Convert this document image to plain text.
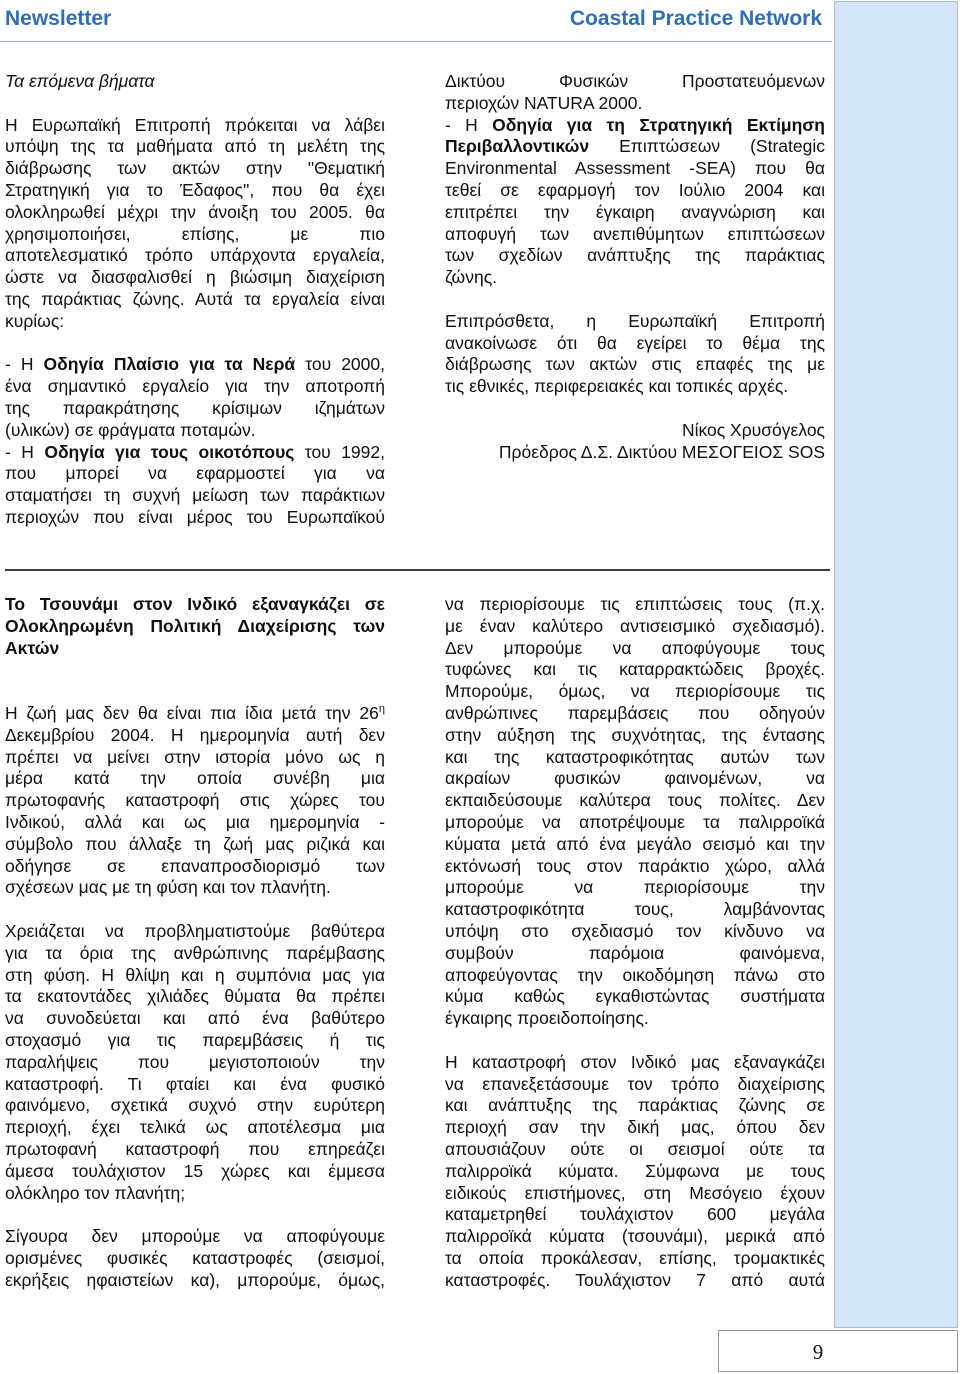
Newsletter	Coastal Practice Network
9
Τα επόμενα βήματα
Η Ευρωπαϊκή Επιτροπή πρόκειται να λάβει
υπόψη της τα μαθήματα από τη μελέτη της
διάβρωσης των ακτών στην "Θεματική
Στρατηγική για το Έδαφος", που θα έχει
ολοκληρωθεί μέχρι την άνοιξη του 2005. θα
χρησιμοποιήσει, επίσης, με πιο
αποτελεσματικό τρόπο υπάρχοντα εργαλεία,
ώστε να διασφαλισθεί η βιώσιμη διαχείριση
της παράκτιας ζώνης. Αυτά τα εργαλεία είναι
κυρίως:
- Η Οδηγία Πλαίσιο για τα Νερά του 2000,
ένα σημαντικό εργαλείο για την αποτροπή
της παρακράτησης κρίσιμων ιζημάτων
(υλικών) σε φράγματα ποταμών.
- Η Οδηγία για τους οικοτόπους του 1992,
που μπορεί να εφαρμοστεί για να
σταματήσει τη συχνή μείωση των παράκτιων
περιοχών που είναι μέρος του Ευρωπαϊκού
Δικτύου Φυσικών Προστατευόμενων
περιοχών NATURA 2000.
- Η Οδηγία για τη Στρατηγική Εκτίμηση
Περιβαλλοντικών Επιπτώσεων (Strategic
Environmental Assessment -SEA) που θα
τεθεί σε εφαρμογή τον Ιούλιο 2004 και
επιτρέπει την έγκαιρη αναγνώριση και
αποφυγή των ανεπιθύμητων επιπτώσεων
των σχεδίων ανάπτυξης της παράκτιας
ζώνης.
Επιπρόσθετα, η Ευρωπαϊκή Επιτροπή
ανακοίνωσε ότι θα εγείρει το θέμα της
διάβρωσης των ακτών στις επαφές της με
τις εθνικές, περιφερειακές και τοπικές αρχές.
Νίκος Χρυσόγελος
Πρόεδρος Δ.Σ. Δικτύου ΜΕΣΟΓΕΙΟΣ SOS
Το Τσουνάμι στον Ινδικό εξαναγκάζει σε
Ολοκληρωμένη Πολιτική Διαχείρισης των
Ακτών
Η ζωή μας δεν θα είναι πια ίδια μετά την $26^\eta$
Δεκεμβρίου 2004. Η ημερομηνία αυτή δεν
πρέπει να μείνει στην ιστορία μόνο ως η
μέρα κατά την οποία συνέβη μια
πρωτοφανής καταστροφή στις χώρες του
Ινδικού, αλλά και ως μια ημερομηνία -
σύμβολο που άλλαξε τη ζωή μας ριζικά και
οδήγησε σε επαναπροσδιορισμό των
σχέσεων μας με τη φύση και τον πλανήτη.
Χρειάζεται να προβληματιστούμε βαθύτερα
για τα όρια της ανθρώπινης παρέμβασης
στη φύση. Η θλίψη και η συμπόνια μας για
τα εκατοντάδες χιλιάδες θύματα θα πρέπει
να συνοδεύεται και από ένα βαθύτερο
στοχασμό για τις παρεμβάσεις ή τις
παραλήψεις που μεγιστοποιούν την
καταστροφή. Τι φταίει και ένα φυσικό
φαινόμενο, σχετικά συχνό στην ευρύτερη
περιοχή, έχει τελικά ως αποτέλεσμα μια
πρωτοφανή καταστροφή που επηρεάζει
άμεσα τουλάχιστον 15 χώρες και έμμεσα
ολόκληρο τον πλανήτη;
Σίγουρα δεν μπορούμε να αποφύγουμε
ορισμένες φυσικές καταστροφές (σεισμοί,
εκρήξεις ηφαιστείων κα), μπορούμε, όμως,
να περιορίσουμε τις επιπτώσεις τους (π.χ.
με έναν καλύτερο αντισεισμικό σχεδιασμό).
Δεν μπορούμε να αποφύγουμε τους
τυφώνες και τις καταρρακτώδεις βροχές.
Μπορούμε, όμως, να περιορίσουμε τις
ανθρώπινες παρεμβάσεις που οδηγούν
στην αύξηση της συχνότητας, της έντασης
και της καταστροφικότητας αυτών των
ακραίων φυσικών φαινομένων, να
εκπαιδεύσουμε καλύτερα τους πολίτες. Δεν
μπορούμε να αποτρέψουμε τα παλιρροϊκά
κύματα μετά από ένα μεγάλο σεισμό και την
εκτόνωσή τους στον παράκτιο χώρο, αλλά
μπορούμε να περιορίσουμε την
καταστροφικότητα τους, λαμβάνοντας
υπόψη στο σχεδιασμό τον κίνδυνο να
συμβούν παρόμοια φαινόμενα,
αποφεύγοντας την οικοδόμηση πάνω στο
κύμα καθώς εγκαθιστώντας συστήματα
έγκαιρης προειδοποίησης.
Η καταστροφή στον Ινδικό μας εξαναγκάζει
να επανεξετάσουμε τον τρόπο διαχείρισης
και ανάπτυξης της παράκτιας ζώνης σε
περιοχή σαν την δική μας, όπου δεν
απουσιάζουν ούτε οι σεισμοί ούτε τα
παλιρροϊκά κύματα. Σύμφωνα με τους
ειδικούς επιστήμονες, στη Μεσόγειο έχουν
καταμετρηθεί τουλάχιστον 600 μεγάλα
παλιρροϊκά κύματα (τσουνάμι), μερικά από
τα οποία προκάλεσαν, επίσης, τρομακτικές
καταστροφές. Τουλάχιστον 7 από αυτά
